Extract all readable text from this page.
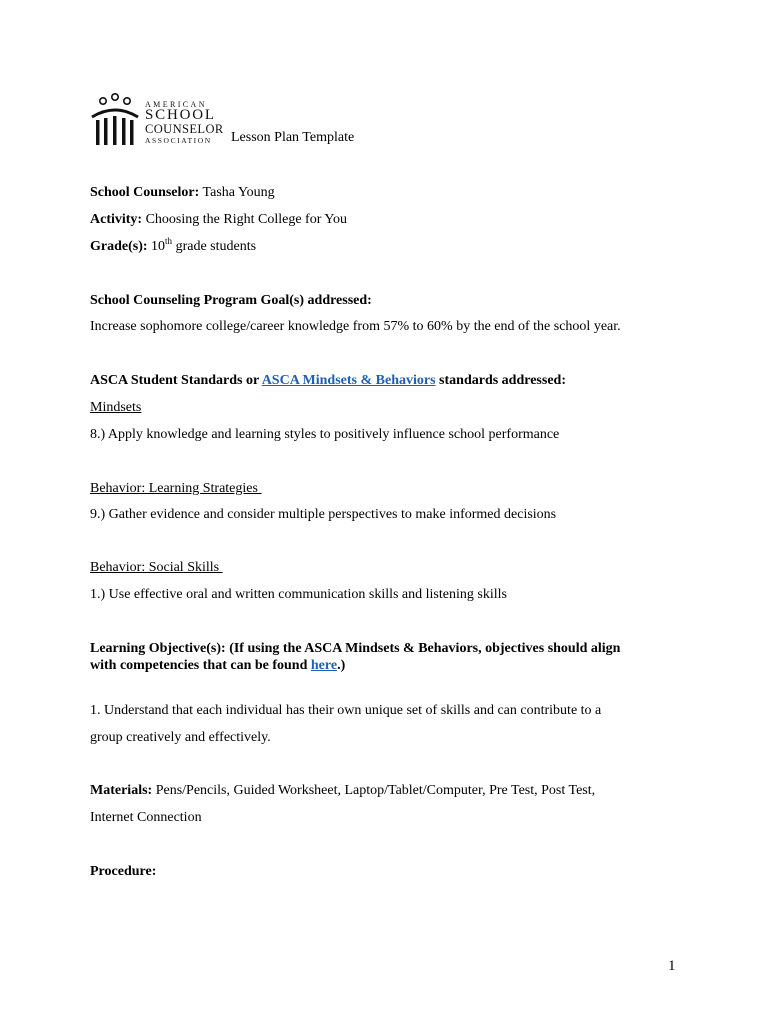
AMERICAN
SCHOOL
COUNSELOR
ASSOCIATION Lesson Plan Template
School Counselor: Tasha Young
Activity: Choosing the Right College for You
Grade(s): 10th grade students
School Counseling Program Goal(s) addressed:
Increase sophomore college/career knowledge from 57% to 60% by the end of the school year.
ASCA Student Standards or ASCA Mindsets & Behaviors standards addressed:
Mindsets
8.) Apply knowledge and learning styles to positively influence school performance
Behavior: Learning Strategies
9.) Gather evidence and consider multiple perspectives to make informed decisions
Behavior: Social Skills
1.) Use effective oral and written communication skills and listening skills
Learning Objective(s): (If using the ASCA Mindsets & Behaviors, objectives should align
with competencies that can be found here.)
1. Understand that each individual has their own unique set of skills and can contribute to a
group creatively and effectively.
Materials: Pens/Pencils, Guided Worksheet, Laptop/Tablet/Computer, Pre Test, Post Test,
Internet Connection
Procedure:
1
